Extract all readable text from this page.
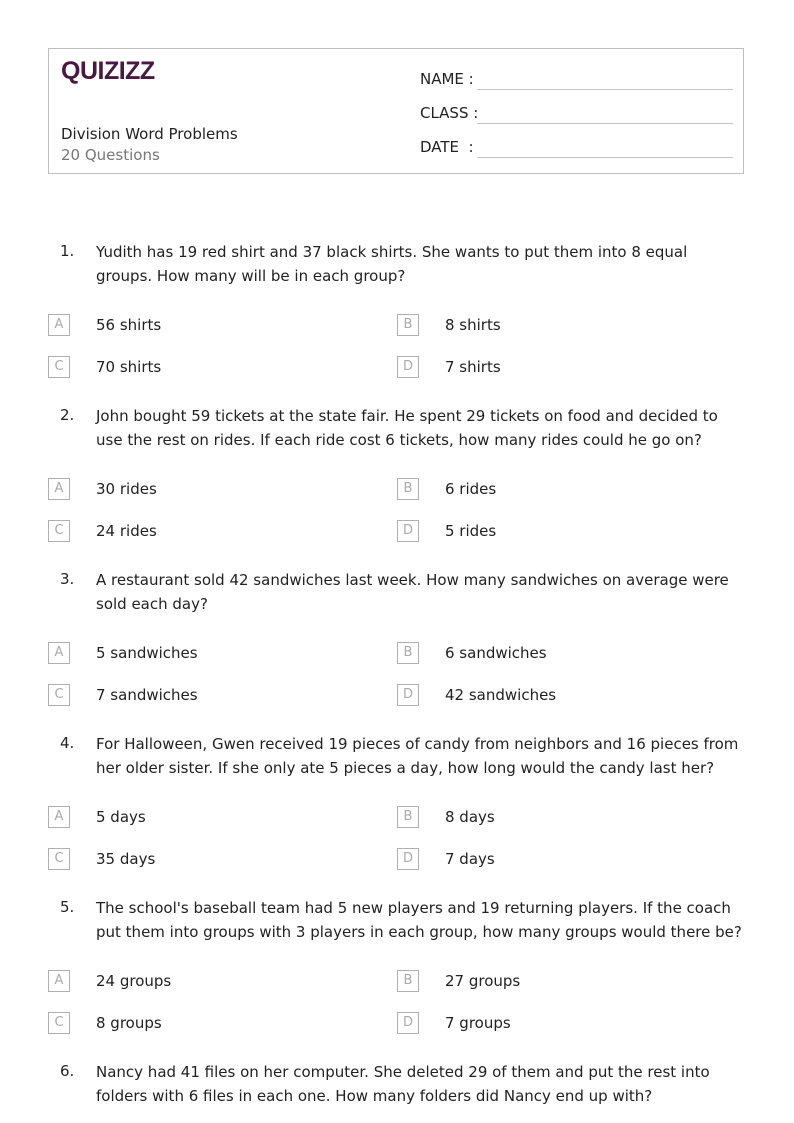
QUIZIZZ
Division Word Problems
20 Questions
NAME :
CLASS :
DATE  :
1. Yudith has 19 red shirt and 37 black shirts. She wants to put them into 8 equal groups. How many will be in each group?
A	56 shirts	B	8 shirts
C	70 shirts	D	7 shirts
2. John bought 59 tickets at the state fair. He spent 29 tickets on food and decided to use the rest on rides. If each ride cost 6 tickets, how many rides could he go on?
A	30 rides	B	6 rides
C	24 rides	D	5 rides
3. A restaurant sold 42 sandwiches last week. How many sandwiches on average were sold each day?
A	5 sandwiches	B	6 sandwiches
C	7 sandwiches	D	42 sandwiches
4. For Halloween, Gwen received 19 pieces of candy from neighbors and 16 pieces from her older sister. If she only ate 5 pieces a day, how long would the candy last her?
A	5 days	B	8 days
C	35 days	D	7 days
5. The school's baseball team had 5 new players and 19 returning players. If the coach put them into groups with 3 players in each group, how many groups would there be?
A	24 groups	B	27 groups
C	8 groups	D	7 groups
6. Nancy had 41 files on her computer. She deleted 29 of them and put the rest into folders with 6 files in each one. How many folders did Nancy end up with?
